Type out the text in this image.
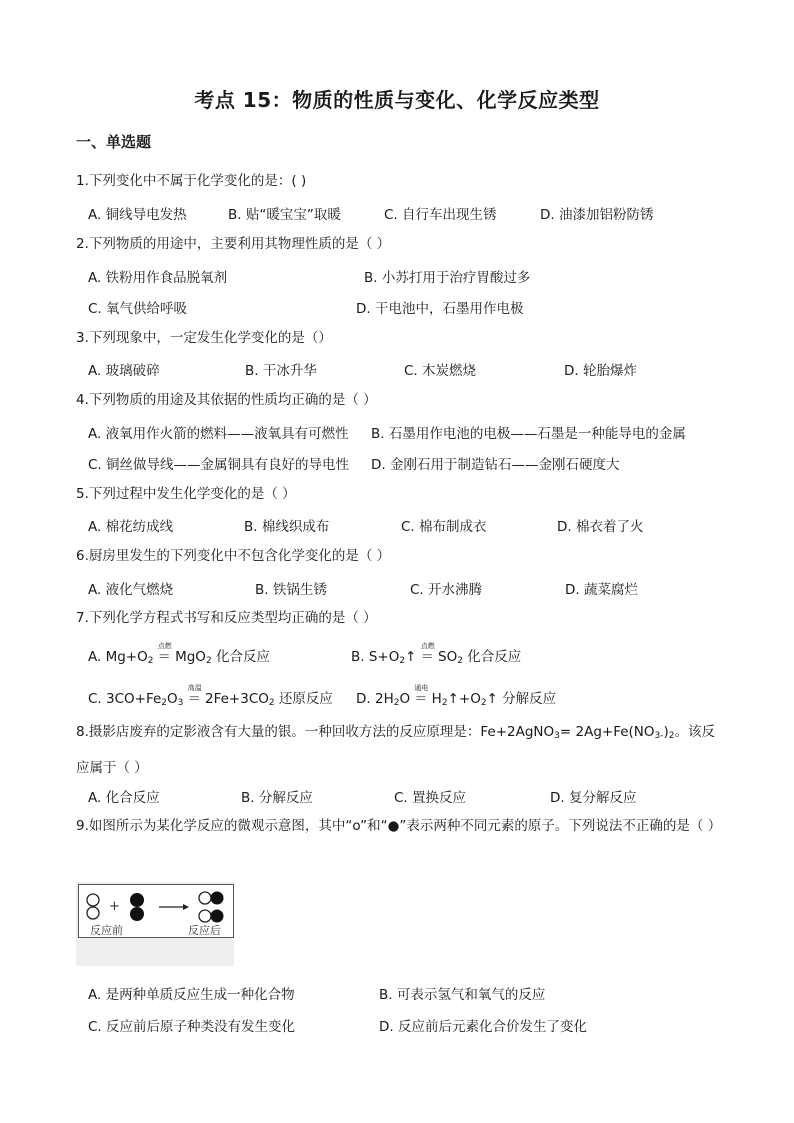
考点 15：物质的性质与变化、化学反应类型
一、单选题
1.下列变化中不属于化学变化的是：( )
A. 铜线导电发热	B. 贴“暖宝宝”取暖	C. 自行车出现生锈	D. 油漆加铝粉防锈
2.下列物质的用途中，主要利用其物理性质的是（ ）
A. 铁粉用作食品脱氧剂	B. 小苏打用于治疗胃酸过多
C. 氧气供给呼吸	D. 干电池中，石墨用作电极
3.下列现象中，一定发生化学变化的是（）
A. 玻璃破碎	B. 干冰升华	C. 木炭燃烧	D. 轮胎爆炸
4.下列物质的用途及其依据的性质均正确的是（ ）
A. 液氧用作火箭的燃料——液氧具有可燃性 B. 石墨用作电池的电极——石墨是一种能导电的金属
C. 铜丝做导线——金属铜具有良好的导电性 D. 金刚石用于制造钻石——金刚石硬度大
5.下列过程中发生化学变化的是（ ）
A. 棉花纺成线	B. 棉线织成布	C. 棉布制成衣	D. 棉衣着了火
6.厨房里发生的下列变化中不包含化学变化的是（ ）
A. 液化气燃烧	B. 铁锅生锈	C. 开水沸腾	D. 蔬菜腐烂
7.下列化学方程式书写和反应类型均正确的是（ ）
A. $Mg+O_2$
点燃
＝ MgO$_2$ 化合反应	B. $S+O_2↑$
点燃
＝ $SO_2$ 化合反应
C. $3CO+Fe_2O_3$
高温
＝ $2Fe+3CO_2$ 还原反应 D. $2H_2O$
通电
＝ $H_2↑+O_2↑$ 分解反应
8.摄影店废弃的定影液含有大量的银。一种回收方法的反应原理是：Fe+2AgNO$_3$= $2Ag+Fe(NO_{3-})_2$。该反应属于（ ）
A. 化合反应	B. 分解反应	C. 置换反应	D. 复分解反应
9.如图所示为某化学反应的微观示意图，其中“o”和“●”表示两种不同元素的原子。下列说法不正确的是（ ）
+
反应前	反应后
A. 是两种单质反应生成一种化合物	B. 可表示氢气和氧气的反应
C. 反应前后原子种类没有发生变化	D. 反应前后元素化合价发生了变化
